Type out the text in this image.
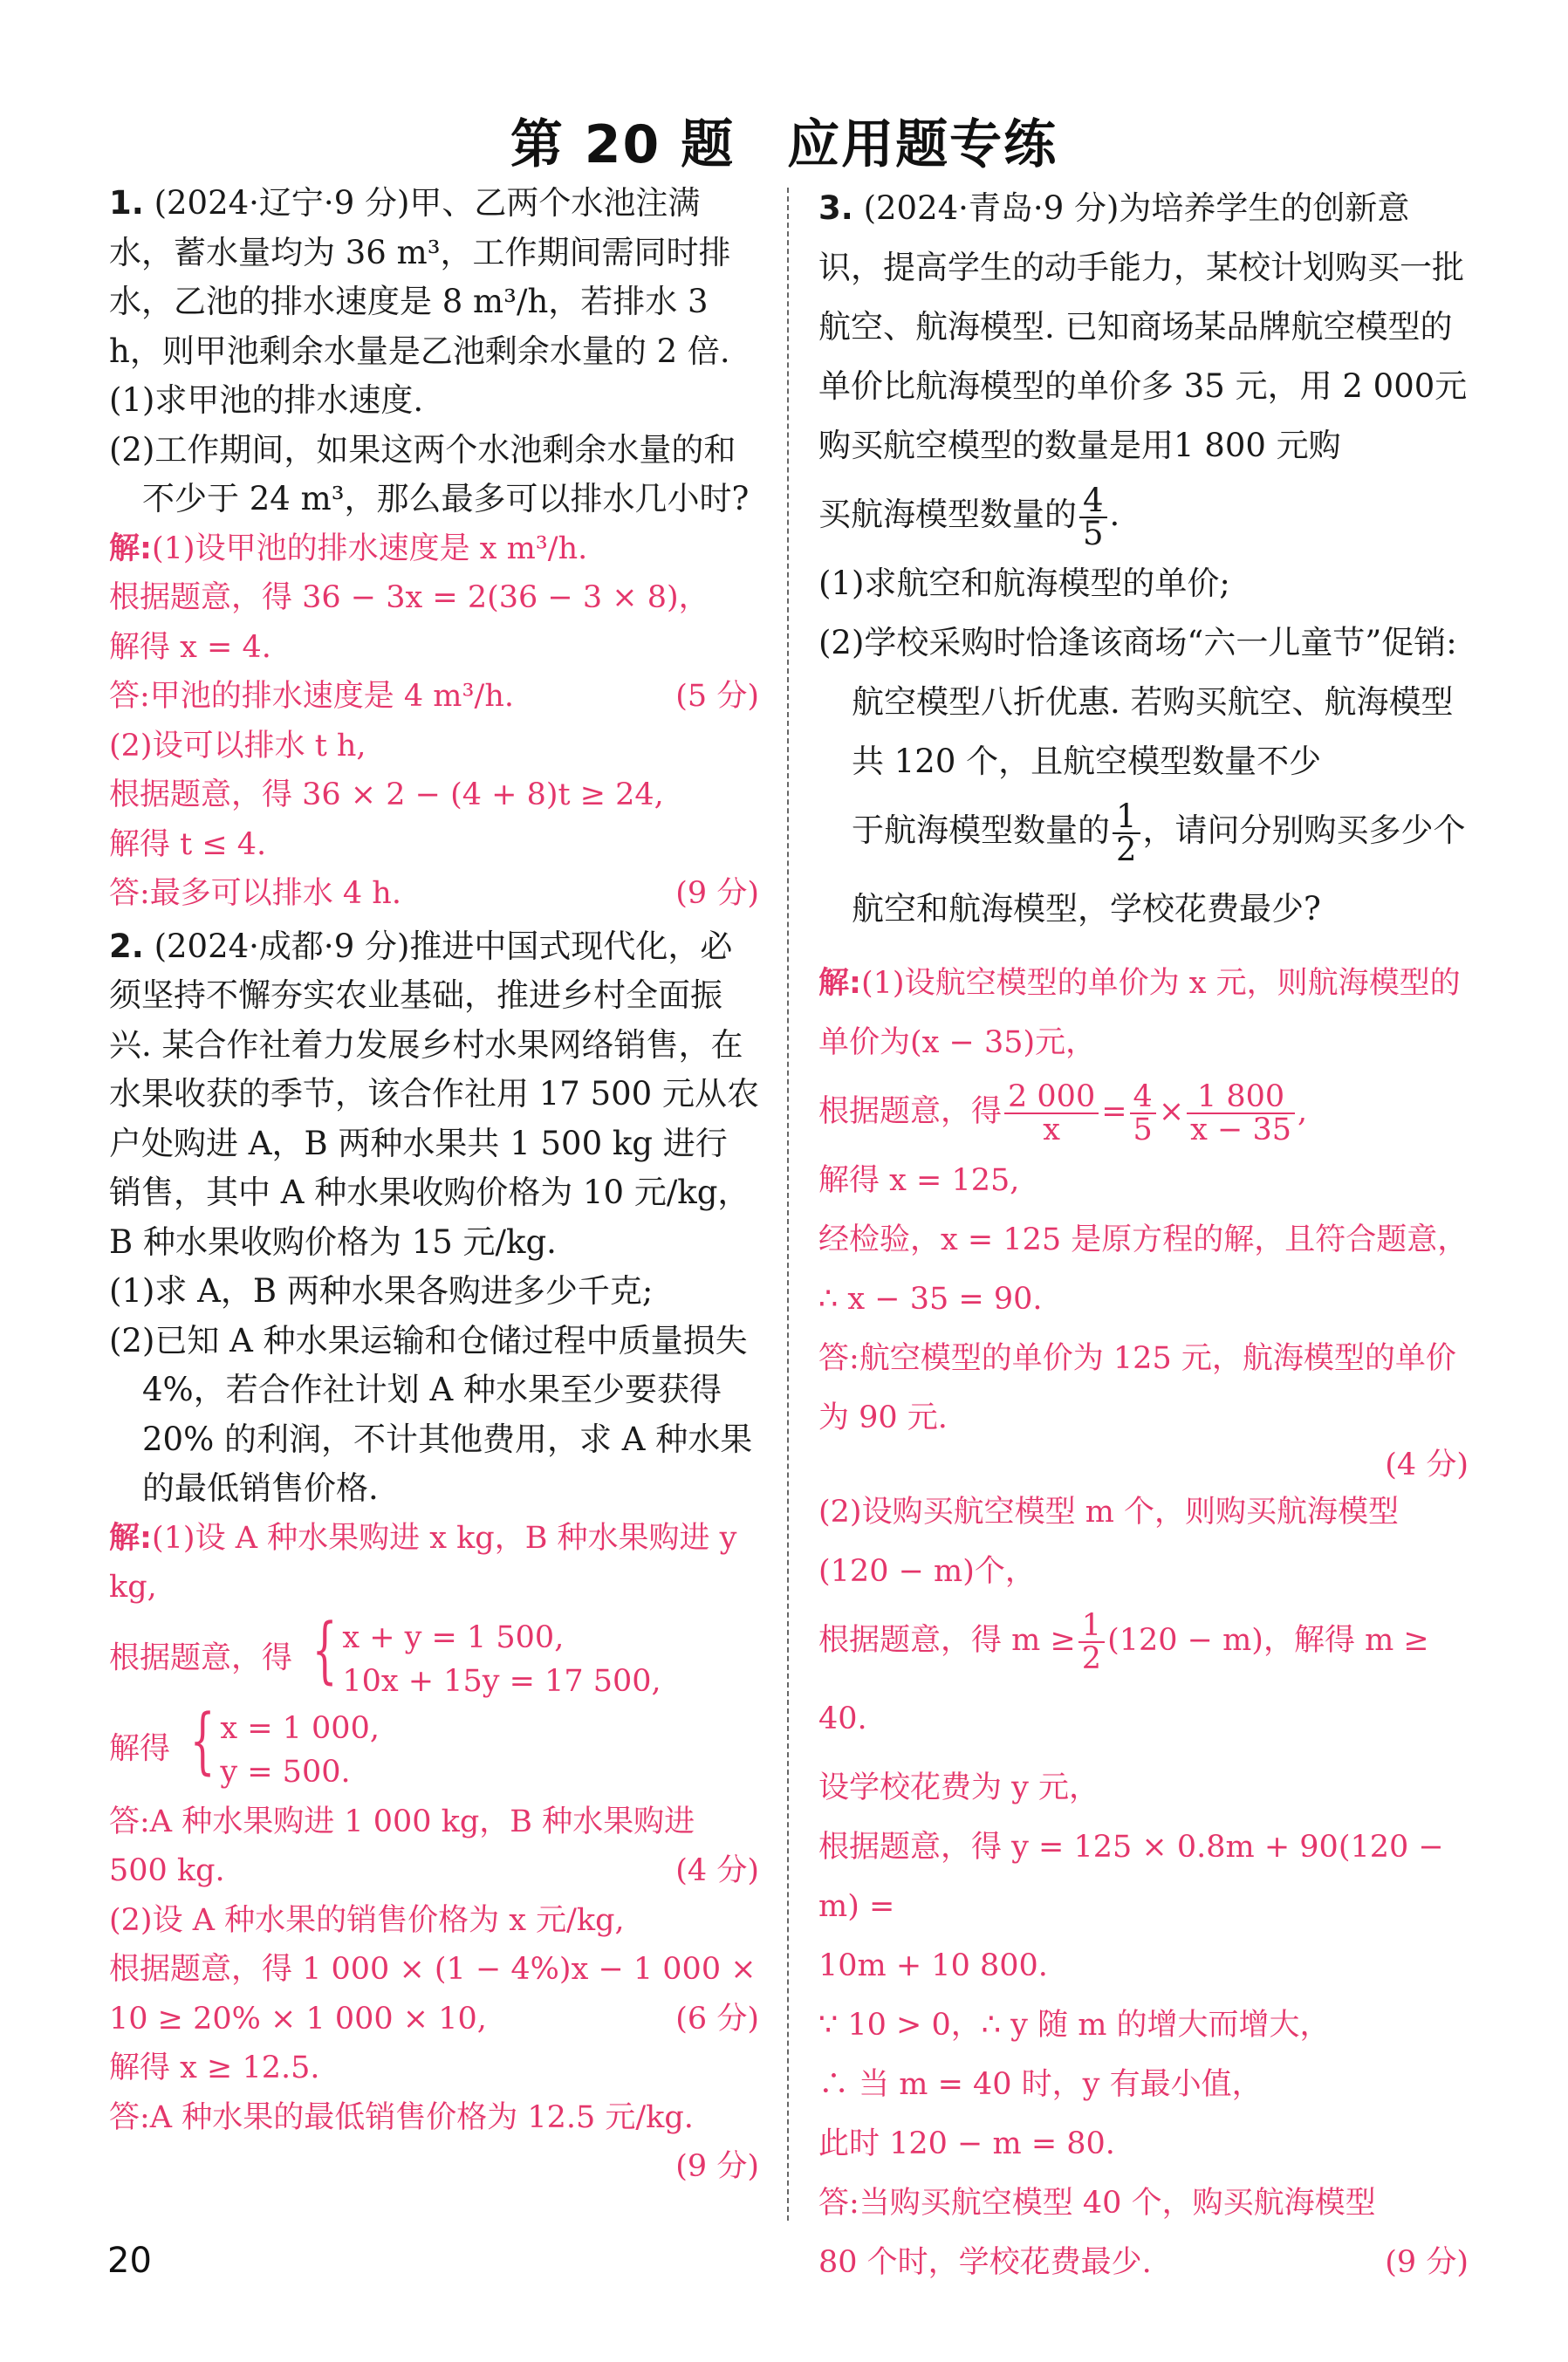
第 20 题 应用题专练

1. (2024·辽宁·9 分)甲、乙两个水池注满水，蓄水量均为 36 m³，工作期间需同时排水，乙池的排水速度是 8 m³/h，若排水 3 h，则甲池剩余水量是乙池剩余水量的 2 倍.

(1)求甲池的排水速度.

(2)工作期间，如果这两个水池剩余水量的和不少于 24 m³，那么最多可以排水几小时?

解:(1)设甲池的排水速度是 x m³/h.

根据题意，得 36 − 3x = 2(36 − 3 × 8)，

解得 x = 4.

答:甲池的排水速度是 4 m³/h.	(5 分)

(2)设可以排水 t h,

根据题意，得 36 × 2 − (4 + 8)t ≥ 24,

解得 t ≤ 4.

答:最多可以排水 4 h.	(9 分)

2. (2024·成都·9 分)推进中国式现代化，必须坚持不懈夯实农业基础，推进乡村全面振兴. 某合作社着力发展乡村水果网络销售，在水果收获的季节，该合作社用 17 500 元从农户处购进 A，B 两种水果共 1 500 kg 进行销售，其中 A 种水果收购价格为 10 元/kg，B 种水果收购价格为 15 元/kg.

(1)求 A，B 两种水果各购进多少千克;

(2)已知 A 种水果运输和仓储过程中质量损失 4%，若合作社计划 A 种水果至少要获得 20% 的利润，不计其他费用，求 A 种水果的最低销售价格.

解:(1)设 A 种水果购进 x kg，B 种水果购进 y kg,

根据题意，得 { x + y = 1 500,
10x + 15y = 17 500,

解得 { x = 1 000,
y = 500.

答:A 种水果购进 1 000 kg，B 种水果购进

500 kg.	(4 分)

(2)设 A 种水果的销售价格为 x 元/kg,

根据题意，得 1 000 × (1 − 4%)x − 1 000 ×

10 ≥ 20% × 1 000 × 10,	(6 分)

解得 x ≥ 12.5.

答:A 种水果的最低销售价格为 12.5 元/kg.

(9 分)

3. (2024·青岛·9 分)为培养学生的创新意识，提高学生的动手能力，某校计划购买一批航空、航海模型. 已知商场某品牌航空模型的单价比航海模型的单价多 35 元，用 2 000元购买航空模型的数量是用1 800 元购

买航海模型数量的 $\frac{4}{5}$ .

(1)求航空和航海模型的单价;

(2)学校采购时恰逢该商场“六一儿童节”促销:航空模型八折优惠. 若购买航空、航海模型共 120 个，且航空模型数量不少

于航海模型数量的 $\frac{1}{2}$ ，请问分别购买多少个航空和航海模型，学校花费最少?

解:(1)设航空模型的单价为 x 元，则航海模型的单价为(x − 35)元，

根据题意，得 $\frac{2 000}{x} = \frac{4}{5} \times \frac{1 800}{x - 35}$ ,

解得 x = 125,

经检验，x = 125 是原方程的解，且符合题意，

∴ x − 35 = 90.

答:航空模型的单价为 125 元，航海模型的单价为 90 元.

(4 分)

(2)设购买航空模型 m 个，则购买航海模型(120 − m)个，

根据题意，得 $m \ge \frac{1}{2} (120 - m)$，解得 m ≥ 40.

设学校花费为 y 元，

根据题意，得 y = 125 × 0.8m + 90(120 − m) =

10m + 10 800.

∵ 10 > 0，∴ y 随 m 的增大而增大，

∴ 当 m = 40 时，y 有最小值，

此时 120 − m = 80.

答:当购买航空模型 40 个，购买航海模型

80 个时，学校花费最少.	(9 分)

20
